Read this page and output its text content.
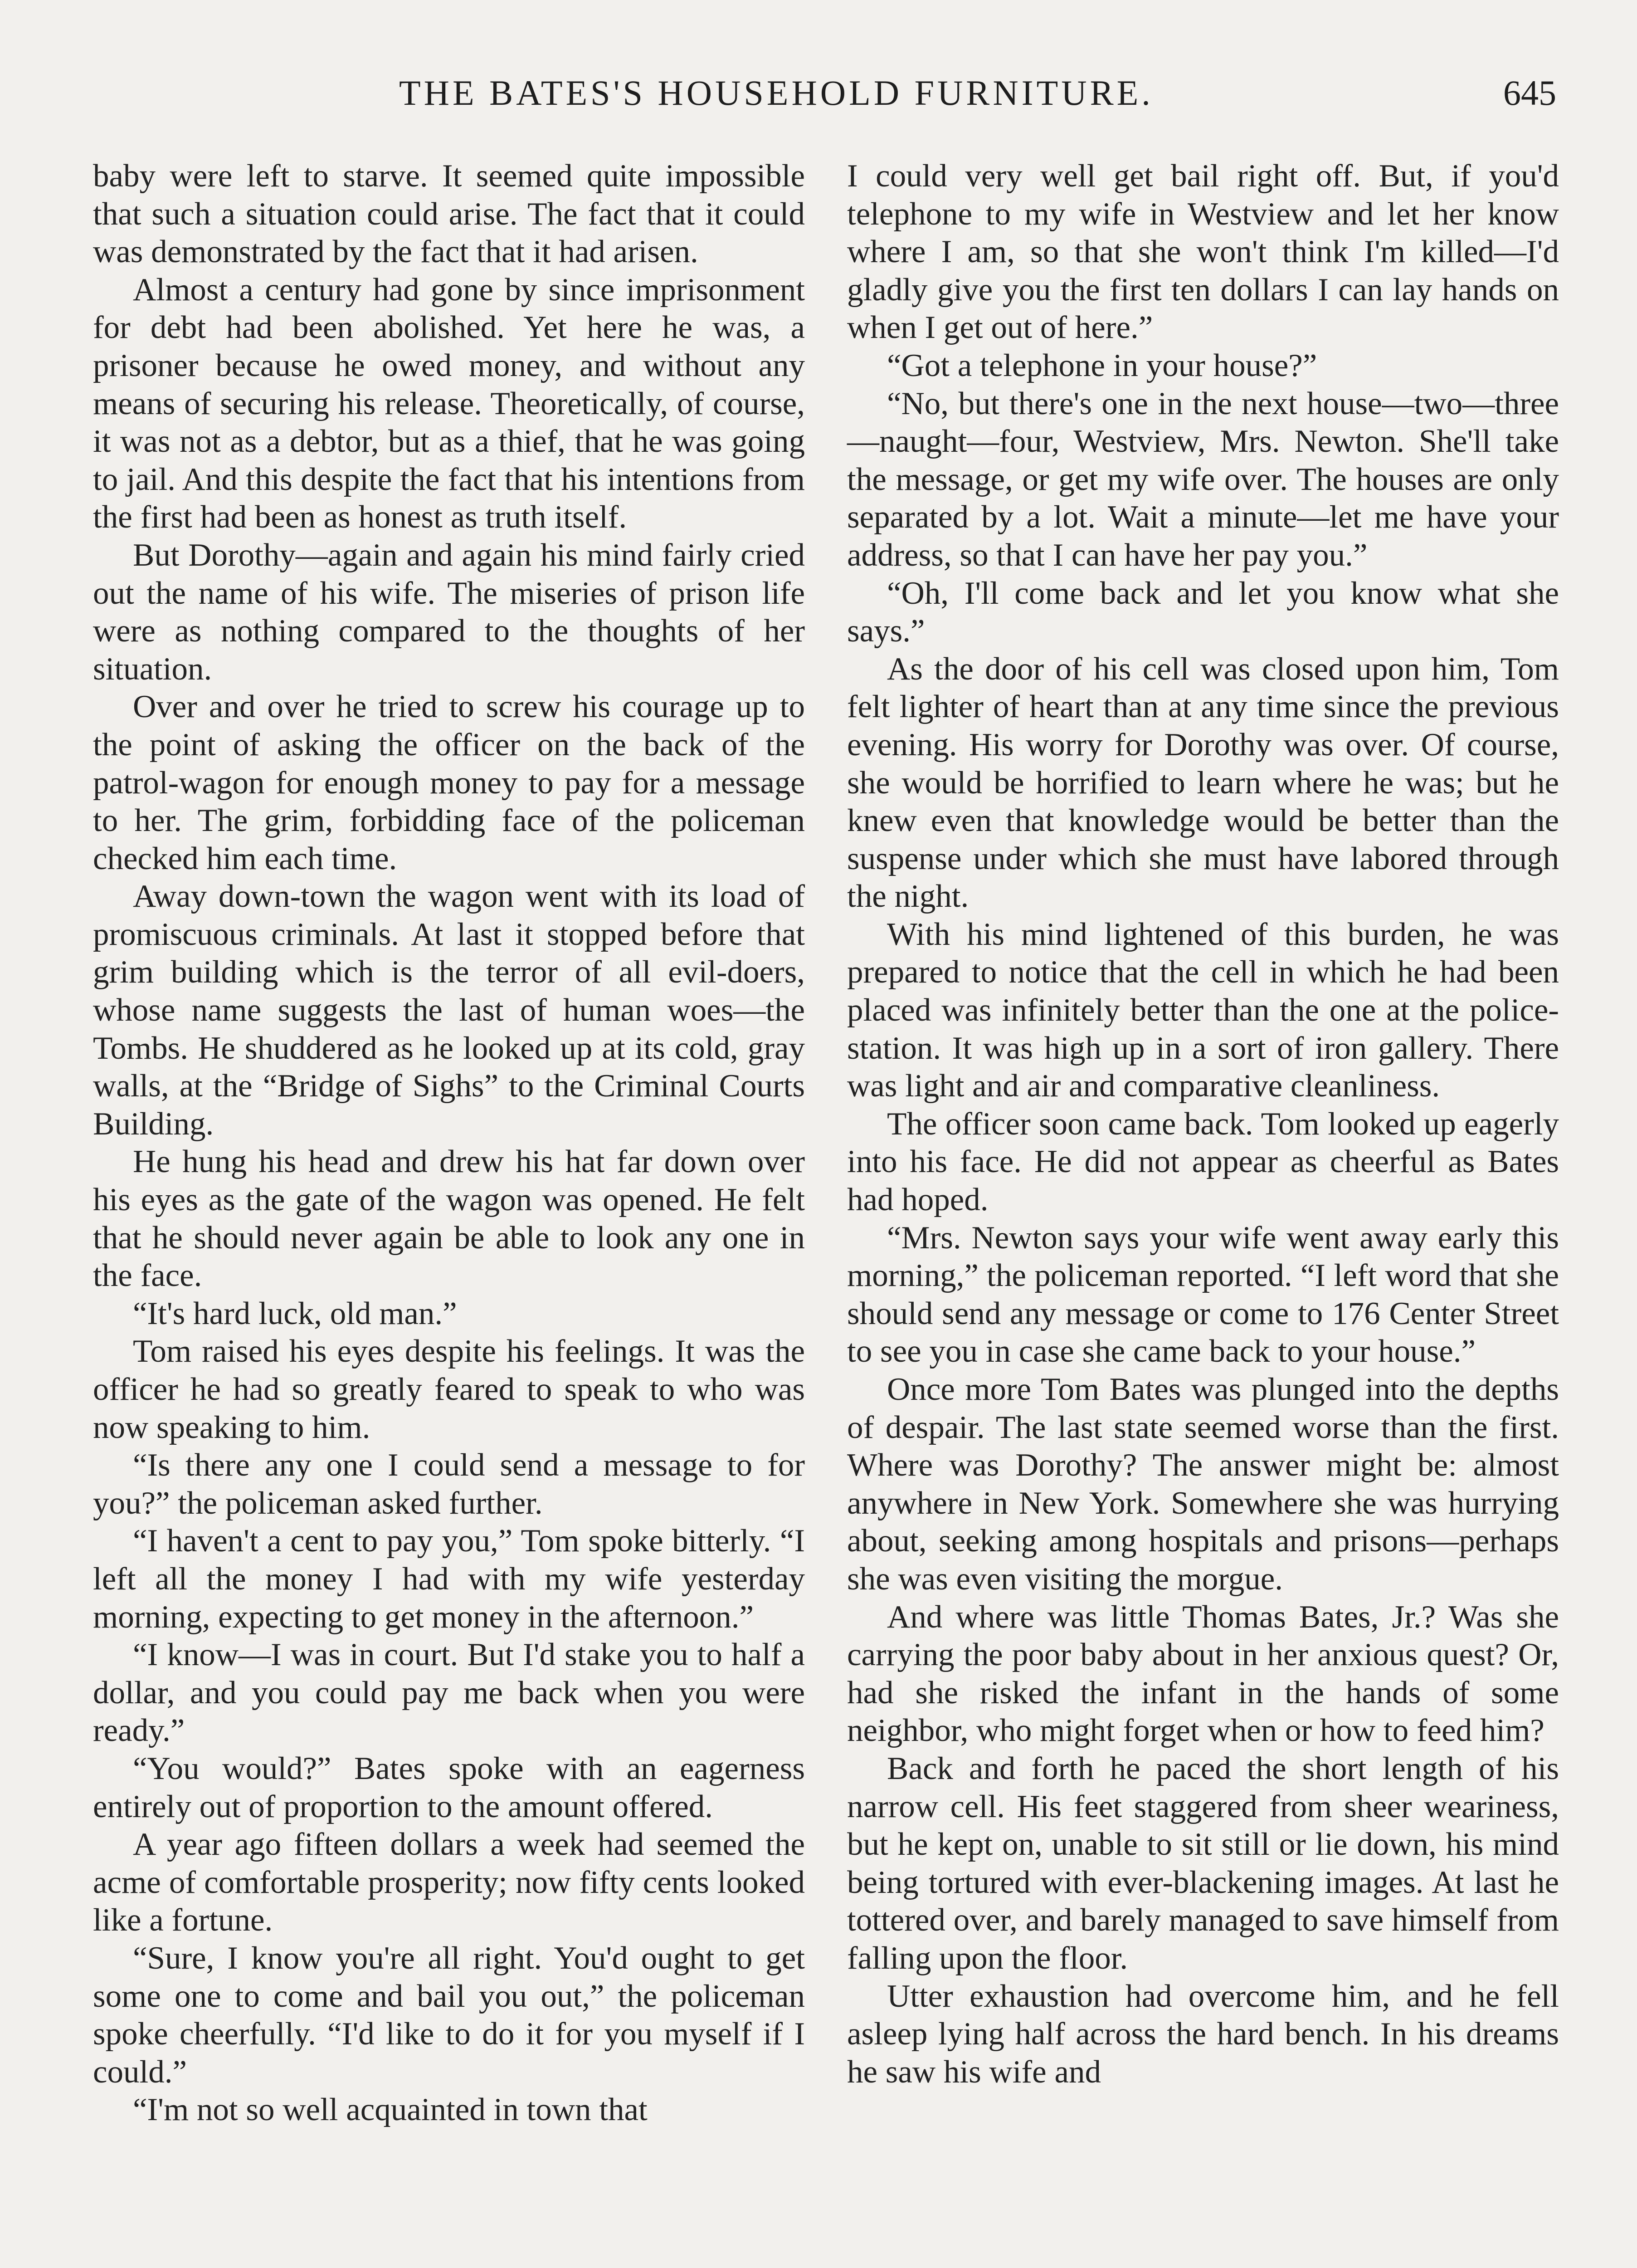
THE BATES'S HOUSEHOLD FURNITURE.	645

baby were left to starve. It seemed quite impossible that such a situation could arise. The fact that it could was demonstrated by the fact that it had arisen.

Almost a century had gone by since imprisonment for debt had been abolished. Yet here he was, a prisoner because he owed money, and without any means of securing his release. Theoretically, of course, it was not as a debtor, but as a thief, that he was going to jail. And this despite the fact that his intentions from the first had been as honest as truth itself.

But Dorothy—again and again his mind fairly cried out the name of his wife. The miseries of prison life were as nothing compared to the thoughts of her situation.

Over and over he tried to screw his courage up to the point of asking the officer on the back of the patrol-wagon for enough money to pay for a message to her. The grim, forbidding face of the policeman checked him each time.

Away down-town the wagon went with its load of promiscuous criminals. At last it stopped before that grim building which is the terror of all evil-doers, whose name suggests the last of human woes—the Tombs. He shuddered as he looked up at its cold, gray walls, at the “Bridge of Sighs” to the Criminal Courts Building.

He hung his head and drew his hat far down over his eyes as the gate of the wagon was opened. He felt that he should never again be able to look any one in the face.

“It's hard luck, old man.”

Tom raised his eyes despite his feelings. It was the officer he had so greatly feared to speak to who was now speaking to him.

“Is there any one I could send a message to for you?” the policeman asked further.

“I haven't a cent to pay you,” Tom spoke bitterly. “I left all the money I had with my wife yesterday morning, expecting to get money in the afternoon.”

“I know—I was in court. But I'd stake you to half a dollar, and you could pay me back when you were ready.”

“You would?” Bates spoke with an eagerness entirely out of proportion to the amount offered.

A year ago fifteen dollars a week had seemed the acme of comfortable prosperity; now fifty cents looked like a fortune.

“Sure, I know you're all right. You'd ought to get some one to come and bail you out,” the policeman spoke cheerfully. “I'd like to do it for you myself if I could.”

“I'm not so well acquainted in town that

I could very well get bail right off. But, if you'd telephone to my wife in Westview and let her know where I am, so that she won't think I'm killed—I'd gladly give you the first ten dollars I can lay hands on when I get out of here.”

“Got a telephone in your house?”

“No, but there's one in the next house—two—three—naught—four, Westview, Mrs. Newton. She'll take the message, or get my wife over. The houses are only separated by a lot. Wait a minute—let me have your address, so that I can have her pay you.”

“Oh, I'll come back and let you know what she says.”

As the door of his cell was closed upon him, Tom felt lighter of heart than at any time since the previous evening. His worry for Dorothy was over. Of course, she would be horrified to learn where he was; but he knew even that knowledge would be better than the suspense under which she must have labored through the night.

With his mind lightened of this burden, he was prepared to notice that the cell in which he had been placed was infinitely better than the one at the police-station. It was high up in a sort of iron gallery. There was light and air and comparative cleanliness.

The officer soon came back. Tom looked up eagerly into his face. He did not appear as cheerful as Bates had hoped.

“Mrs. Newton says your wife went away early this morning,” the policeman reported. “I left word that she should send any message or come to 176 Center Street to see you in case she came back to your house.”

Once more Tom Bates was plunged into the depths of despair. The last state seemed worse than the first. Where was Dorothy? The answer might be: almost anywhere in New York. Somewhere she was hurrying about, seeking among hospitals and prisons—perhaps she was even visiting the morgue.

And where was little Thomas Bates, Jr.? Was she carrying the poor baby about in her anxious quest? Or, had she risked the infant in the hands of some neighbor, who might forget when or how to feed him?

Back and forth he paced the short length of his narrow cell. His feet staggered from sheer weariness, but he kept on, unable to sit still or lie down, his mind being tortured with ever-blackening images. At last he tottered over, and barely managed to save himself from falling upon the floor.

Utter exhaustion had overcome him, and he fell asleep lying half across the hard bench. In his dreams he saw his wife and
